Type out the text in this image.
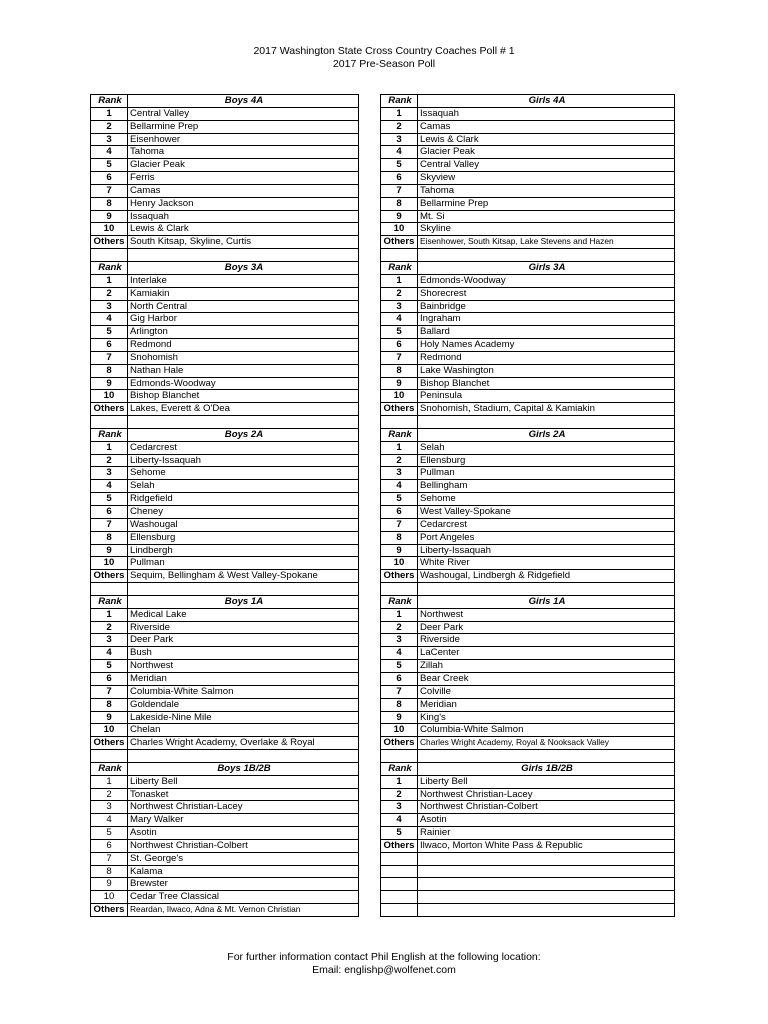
2017 Washington State Cross Country Coaches Poll # 1
2017 Pre-Season Poll
Rank	Boys 4A
1	Central Valley
2	Bellarmine Prep
3	Eisenhower
4	Tahoma
5	Glacier Peak
6	Ferris
7	Camas
8	Henry Jackson
9	Issaquah
10	Lewis & Clark
Others	South Kitsap, Skyline, Curtis

Rank	Boys 3A
1	Interlake
2	Kamiakin
3	North Central
4	Gig Harbor
5	Arlington
6	Redmond
7	Snohomish
8	Nathan Hale
9	Edmonds-Woodway
10	Bishop Blanchet
Others	Lakes, Everett & O'Dea

Rank	Boys 2A
1	Cedarcrest
2	Liberty-Issaquah
3	Sehome
4	Selah
5	Ridgefield
6	Cheney
7	Washougal
8	Ellensburg
9	Lindbergh
10	Pullman
Others	Sequim, Bellingham & West Valley-Spokane

Rank	Boys 1A
1	Medical Lake
2	Riverside
3	Deer Park
4	Bush
5	Northwest
6	Meridian
7	Columbia-White Salmon
8	Goldendale
9	Lakeside-Nine Mile
10	Chelan
Others	Charles Wright Academy, Overlake & Royal

Rank	Boys 1B/2B
1	Liberty Bell
2	Tonasket
3	Northwest Christian-Lacey
4	Mary Walker
5	Asotin
6	Northwest Christian-Colbert
7	St. George's
8	Kalama
9	Brewster
10	Cedar Tree Classical
Others	Reardan, Ilwaco, Adna & Mt. Vernon Christian
Rank	Girls 4A
1	Issaquah
2	Camas
3	Lewis & Clark
4	Glacier Peak
5	Central Valley
6	Skyview
7	Tahoma
8	Bellarmine Prep
9	Mt. Si
10	Skyline
Others	Eisenhower, South Kitsap, Lake Stevens and Hazen

Rank	Girls 3A
1	Edmonds-Woodway
2	Shorecrest
3	Bainbridge
4	Ingraham
5	Ballard
6	Holy Names Academy
7	Redmond
8	Lake Washington
9	Bishop Blanchet
10	Peninsula
Others	Snohomish, Stadium, Capital & Kamiakin

Rank	Girls 2A
1	Selah
2	Ellensburg
3	Pullman
4	Bellingham
5	Sehome
6	West Valley-Spokane
7	Cedarcrest
8	Port Angeles
9	Liberty-Issaquah
10	White River
Others	Washougal, Lindbergh & Ridgefield

Rank	Girls 1A
1	Northwest
2	Deer Park
3	Riverside
4	LaCenter
5	Zillah
6	Bear Creek
7	Colville
8	Meridian
9	King's
10	Columbia-White Salmon
Others	Charles Wright Academy, Royal & Nooksack Valley

Rank	Girls 1B/2B
1	Liberty Bell
2	Northwest Christian-Lacey
3	Northwest Christian-Colbert
4	Asotin
5	Rainier
Others	Ilwaco, Morton White Pass & Republic

For further information contact Phil English at the following location:
Email: englishp@wolfenet.com
